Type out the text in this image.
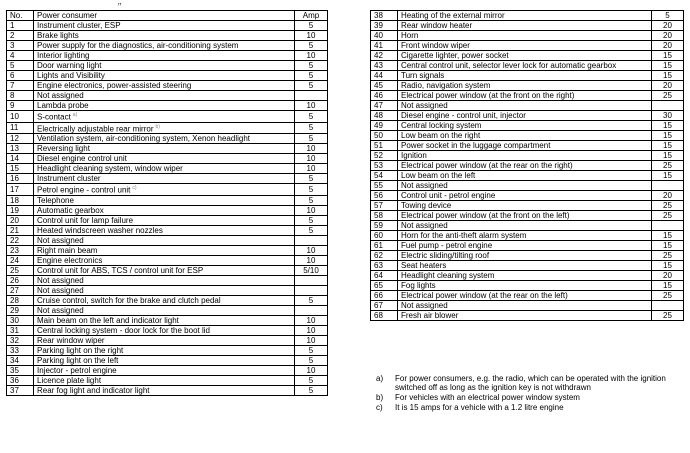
ᵣᵣ
No.	Power consumer	Amp
1	Instrument cluster, ESP	5
2	Brake lights	10
3	Power supply for the diagnostics, air-conditioning system	5
4	Interior lighting	10
5	Door warning light	5
6	Lights and Visibility	5
7	Engine electronics, power-assisted steering	5
8	Not assigned	
9	Lambda probe	10
10	S-contact $^{a)}$	5
11	Electrically adjustable rear mirror $^{b)}$	5
12	Ventilation system, air-conditioning system, Xenon headlight	5
13	Reversing light	10
14	Diesel engine control unit	10
15	Headlight cleaning system, window wiper	10
16	Instrument cluster	5
17	Petrol engine - control unit $^{c)}$	5
18	Telephone	5
19	Automatic gearbox	10
20	Control unit for lamp failure	5
21	Heated windscreen washer nozzles	5
22	Not assigned	
23	Right main beam	10
24	Engine electronics	10
25	Control unit for ABS, TCS / control unit for ESP	5/10
26	Not assigned	
27	Not assigned	
28	Cruise control, switch for the brake and clutch pedal	5
29	Not assigned	
30	Main beam on the left and indicator light	10
31	Central locking system - door lock for the boot lid	10
32	Rear window wiper	10
33	Parking light on the right	5
34	Parking light on the left	5
35	Injector - petrol engine	10
36	Licence plate light	5
37	Rear fog light and indicator light	5
38	Heating of the external mirror	5
39	Rear window heater	20
40	Horn	20
41	Front window wiper	20
42	Cigarette lighter, power socket	15
43	Central control unit, selector lever lock for automatic gearbox	15
44	Turn signals	15
45	Radio, navigation system	20
46	Electrical power window (at the front on the right)	25
47	Not assigned	
48	Diesel engine - control unit, injector	30
49	Central locking system	15
50	Low beam on the right	15
51	Power socket in the luggage compartment	15
52	Ignition	15
53	Electrical power window (at the rear on the right)	25
54	Low beam on the left	15
55	Not assigned	
56	Control unit - petrol engine	20
57	Towing device	25
58	Electrical power window (at the front on the left)	25
59	Not assigned	
60	Horn for the anti-theft alarm system	15
61	Fuel pump - petrol engine	15
62	Electric sliding/tilting roof	25
63	Seat heaters	15
64	Headlight cleaning system	20
65	Fog lights	15
66	Electrical power window (at the rear on the left)	25
67	Not assigned	
68	Fresh air blower	25
a)	For power consumers, e.g. the radio, which can be operated with the ignition switched off as long as the ignition key is not withdrawn
b)	For vehicles with an electrical power window system
c)	It is 15 amps for a vehicle with a 1.2 litre engine
